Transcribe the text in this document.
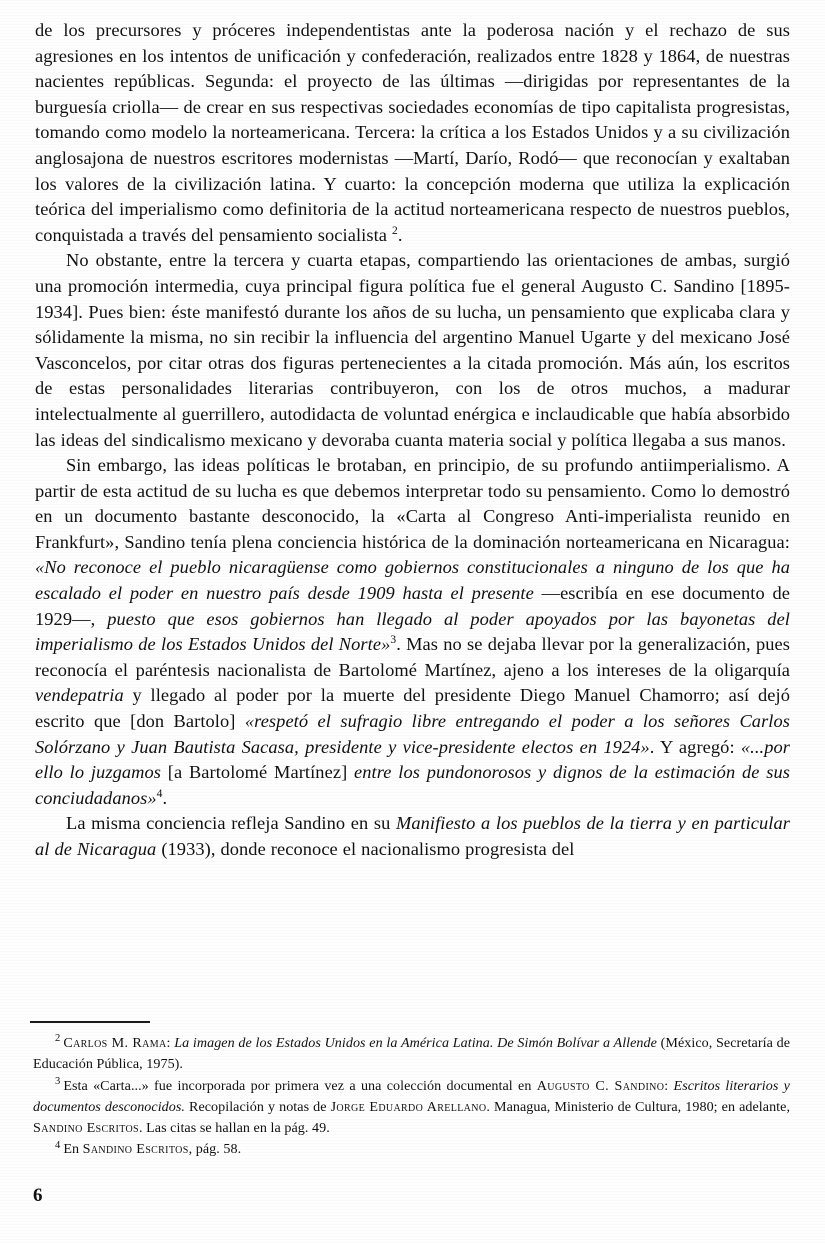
de los precursores y próceres independentistas ante la poderosa nación y el rechazo de sus agresiones en los intentos de unificación y confederación, realizados entre 1828 y 1864, de nuestras nacientes repúblicas. Segunda: el proyecto de las últimas —dirigidas por representantes de la burguesía criolla— de crear en sus respectivas sociedades economías de tipo capitalista progresistas, tomando como modelo la norteamericana. Tercera: la crítica a los Estados Unidos y a su civilización anglosajona de nuestros escritores modernistas —Martí, Darío, Rodó— que reconocían y exaltaban los valores de la civilización latina. Y cuarto: la concepción moderna que utiliza la explicación teórica del imperialismo como definitoria de la actitud norteamericana respecto de nuestros pueblos, conquistada a través del pensamiento socialista $^2$.

No obstante, entre la tercera y cuarta etapas, compartiendo las orientaciones de ambas, surgió una promoción intermedia, cuya principal figura política fue el general Augusto C. Sandino [1895-1934]. Pues bien: éste manifestó durante los años de su lucha, un pensamiento que explicaba clara y sólidamente la misma, no sin recibir la influencia del argentino Manuel Ugarte y del mexicano José Vasconcelos, por citar otras dos figuras pertenecientes a la citada promoción. Más aún, los escritos de estas personalidades literarias contribuyeron, con los de otros muchos, a madurar intelectualmente al guerrillero, autodidacta de voluntad enérgica e inclaudicable que había absorbido las ideas del sindicalismo mexicano y devoraba cuanta materia social y política llegaba a sus manos.

Sin embargo, las ideas políticas le brotaban, en principio, de su profundo antiimperialismo. A partir de esta actitud de su lucha es que debemos interpretar todo su pensamiento. Como lo demostró en un documento bastante desconocido, la «Carta al Congreso Anti-imperialista reunido en Frankfurt», Sandino tenía plena conciencia histórica de la dominación norteamericana en Nicaragua: «No reconoce el pueblo nicaragüense como gobiernos constitucionales a ninguno de los que ha escalado el poder en nuestro país desde 1909 hasta el presente —escribía en ese documento de 1929—, puesto que esos gobiernos han llegado al poder apoyados por las bayonetas del imperialismo de los Estados Unidos del Norte»$^3$. Mas no se dejaba llevar por la generalización, pues reconocía el paréntesis nacionalista de Bartolomé Martínez, ajeno a los intereses de la oligarquía vendepatria y llegado al poder por la muerte del presidente Diego Manuel Chamorro; así dejó escrito que [don Bartolo] «respetó el sufragio libre entregando el poder a los señores Carlos Solórzano y Juan Bautista Sacasa, presidente y vice-presidente electos en 1924». Y agregó: «...por ello lo juzgamos [a Bartolomé Martínez] entre los pundonorosos y dignos de la estimación de sus conciudadanos»$^4$.

La misma conciencia refleja Sandino en su Manifiesto a los pueblos de la tierra y en particular al de Nicaragua (1933), donde reconoce el nacionalismo progresista del

$^2$ Carlos M. Rama: La imagen de los Estados Unidos en la América Latina. De Simón Bolívar a Allende (México, Secretaría de Educación Pública, 1975).

$^3$ Esta «Carta...» fue incorporada por primera vez a una colección documental en Augusto C. Sandino: Escritos literarios y documentos desconocidos. Recopilación y notas de Jorge Eduardo Arellano. Managua, Ministerio de Cultura, 1980; en adelante, Sandino Escritos. Las citas se hallan en la pág. 49.

$^4$ En Sandino Escritos, pág. 58.

6
